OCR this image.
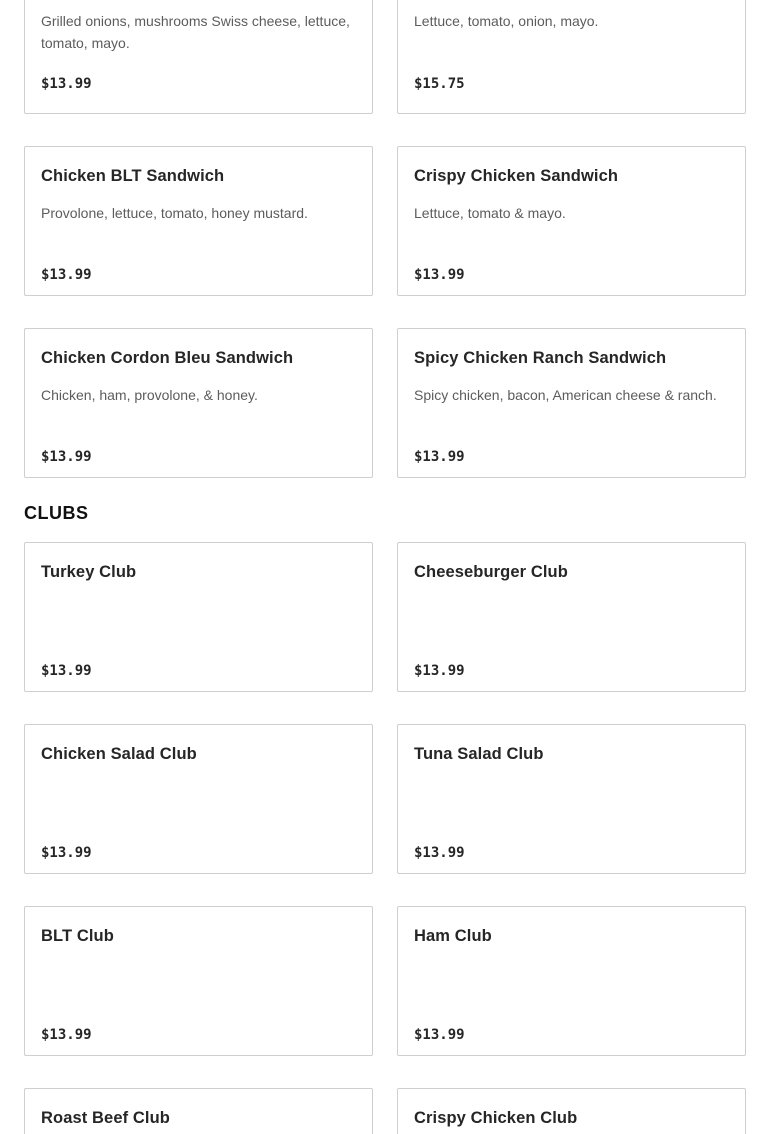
Grilled onions, mushrooms Swiss cheese, lettuce, tomato, mayo.
$13.99
Lettuce, tomato, onion, mayo.
$15.75
Chicken BLT Sandwich
Provolone, lettuce, tomato, honey mustard.
$13.99
Crispy Chicken Sandwich
Lettuce, tomato & mayo.
$13.99
Chicken Cordon Bleu Sandwich
Chicken, ham, provolone, & honey.
$13.99
Spicy Chicken Ranch Sandwich
Spicy chicken, bacon, American cheese & ranch.
$13.99
CLUBS
Turkey Club
$13.99
Cheeseburger Club
$13.99
Chicken Salad Club
$13.99
Tuna Salad Club
$13.99
BLT Club
$13.99
Ham Club
$13.99
Roast Beef Club	Crispy Chicken Club
